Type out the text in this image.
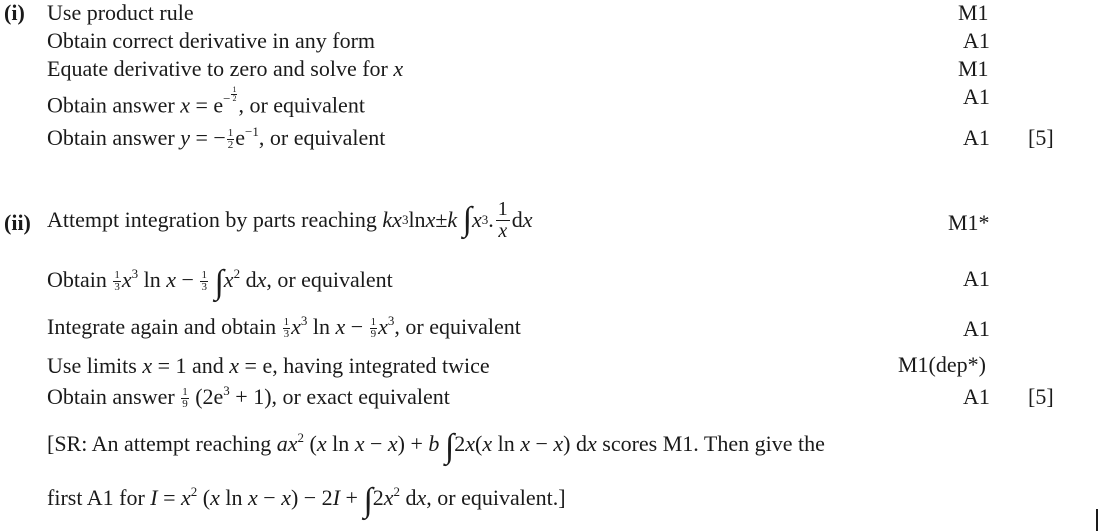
(i) Use product rule
Obtain correct derivative in any form
Equate derivative to zero and solve for x
Obtain answer $x = e^{- \frac{1}{2}}$ , or equivalent
Obtain answer y = − $\frac{1}{2} e^{-1}$, or equivalent
M1
A1
M1
A1
A1 [5]
(ii) Attempt integration by parts reaching
k x 3 ln x ± k
∫ x 3 . $\frac{1}{x}$ d x
Obtain $\frac{1}{3} x^3$ $\ln x - \frac{1}{3} \int x^2$ dx, or equivalent
Integrate again and obtain $\frac{1}{3} x^3$ $\ln x - \frac{1}{9} x^3$, or equivalent
Use limits x = 1 and x = e, having integrated twice
Obtain answer $\frac{1}{9} (2e^3 + 1)$, or exact equivalent
M1*
A1
A1
M1(dep*)
A1 [5]
[SR: An attempt reaching $ax^2$ (x ln x − x) + b ∫2x(x ln x − x) dx scores M1. Then give the
first A1 for $I = x^2$ (x $\ln x - x) - 2I + \int 2x^2$ dx, or equivalent.]
